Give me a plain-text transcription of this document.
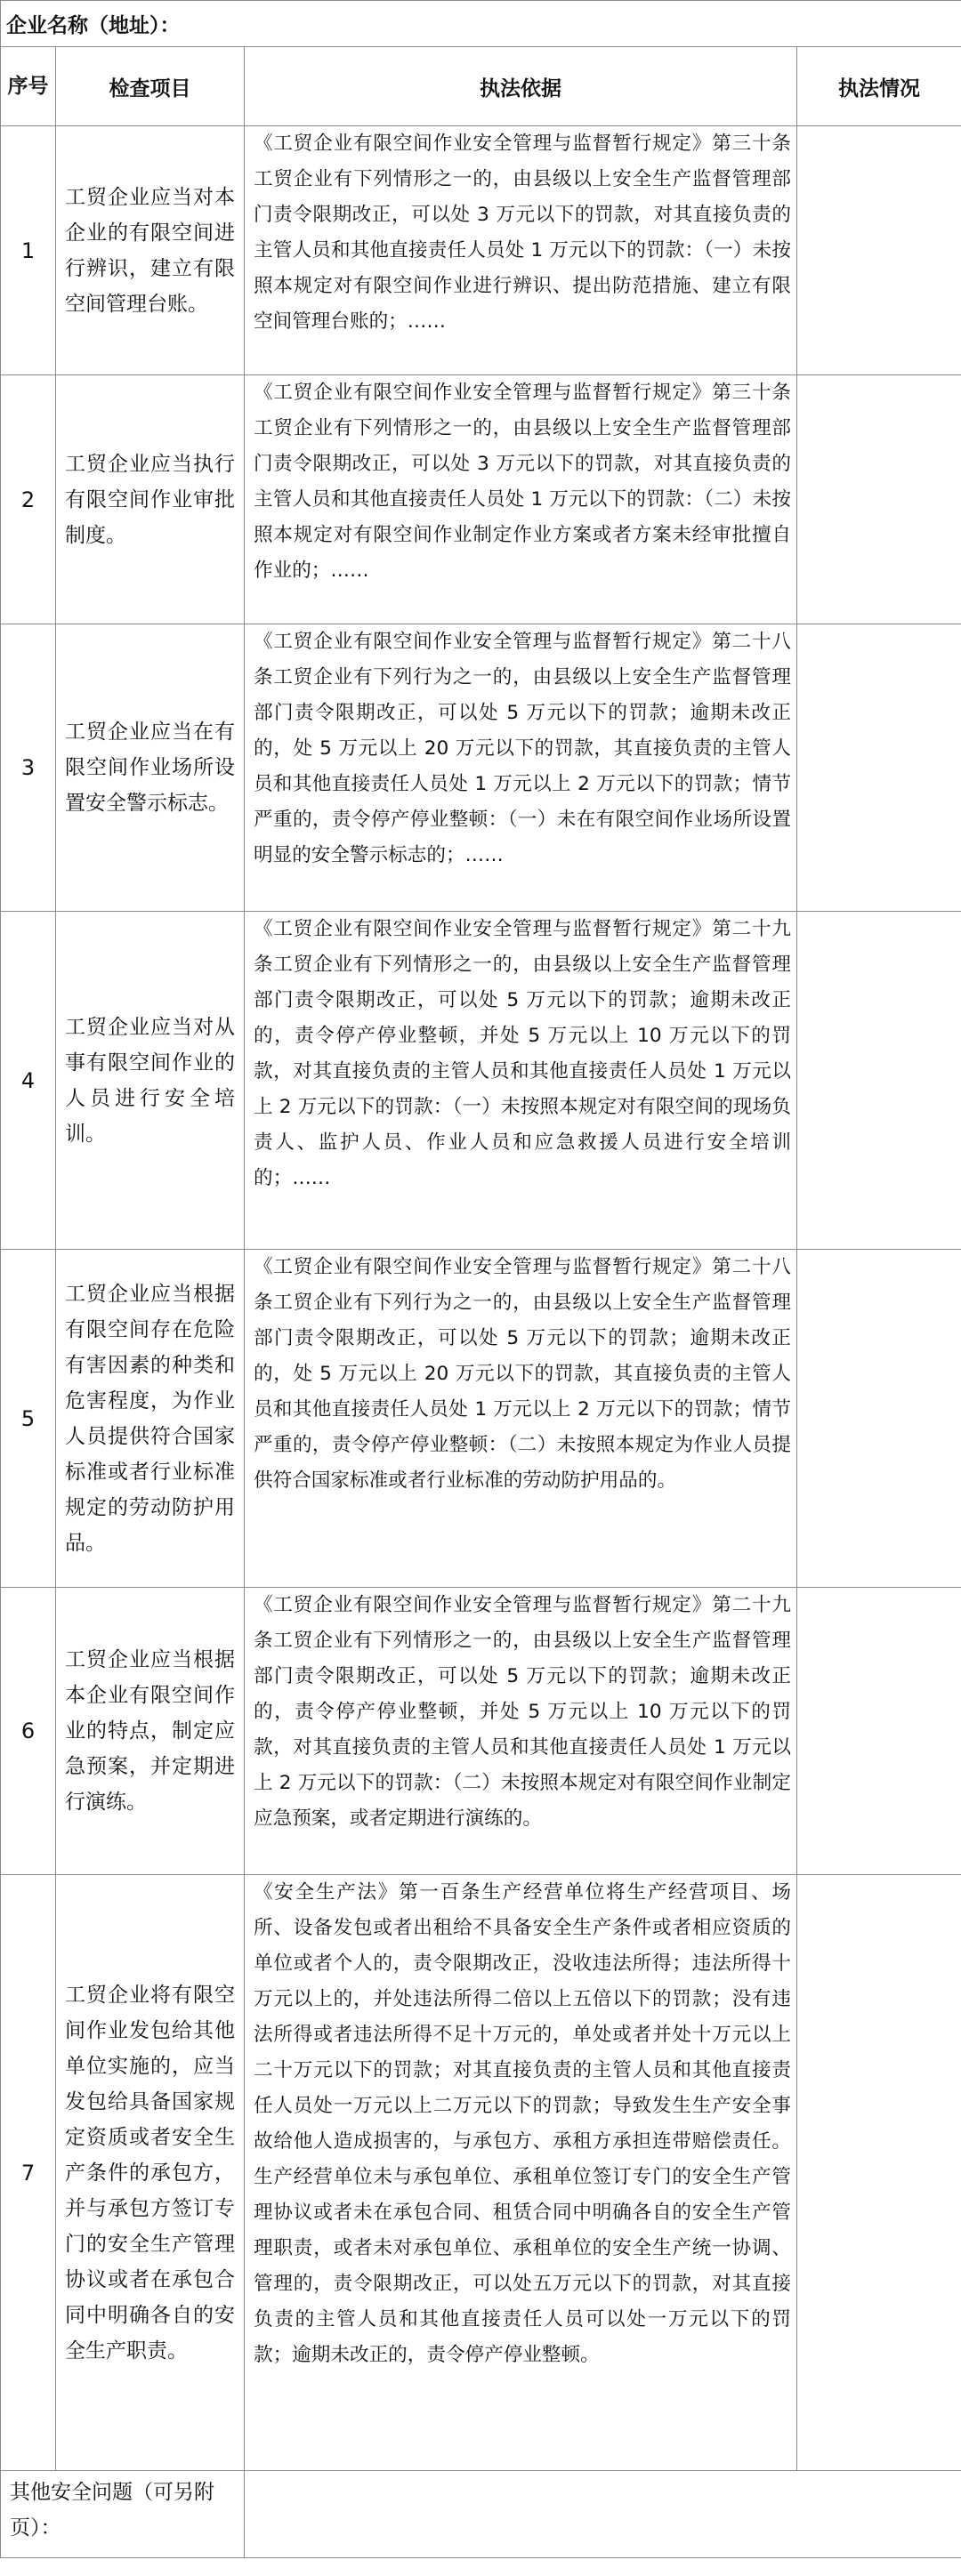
企业名称（地址）：			
序号	检查项目	执法依据	执法情况
1	工贸企业应当对本企业的有限空间进行辨识，建立有限空间管理台账。	《工贸企业有限空间作业安全管理与监督暂行规定》第三十条工贸企业有下列情形之一的，由县级以上安全生产监督管理部门责令限期改正，可以处 3 万元以下的罚款，对其直接负责的主管人员和其他直接责任人员处 1 万元以下的罚款：（一）未按照本规定对有限空间作业进行辨识、提出防范措施、建立有限空间管理台账的；……	
2	工贸企业应当执行有限空间作业审批制度。	《工贸企业有限空间作业安全管理与监督暂行规定》第三十条工贸企业有下列情形之一的，由县级以上安全生产监督管理部门责令限期改正，可以处 3 万元以下的罚款，对其直接负责的主管人员和其他直接责任人员处 1 万元以下的罚款：（二）未按照本规定对有限空间作业制定作业方案或者方案未经审批擅自作业的；……	
3	工贸企业应当在有限空间作业场所设置安全警示标志。	《工贸企业有限空间作业安全管理与监督暂行规定》第二十八条工贸企业有下列行为之一的，由县级以上安全生产监督管理部门责令限期改正，可以处 5 万元以下的罚款；逾期未改正的，处 5 万元以上 20 万元以下的罚款，其直接负责的主管人员和其他直接责任人员处 1 万元以上 2 万元以下的罚款；情节严重的，责令停产停业整顿：（一）未在有限空间作业场所设置明显的安全警示标志的；……	
4	工贸企业应当对从事有限空间作业的人员进行安全培训。	《工贸企业有限空间作业安全管理与监督暂行规定》第二十九条工贸企业有下列情形之一的，由县级以上安全生产监督管理部门责令限期改正，可以处 5 万元以下的罚款；逾期未改正的，责令停产停业整顿，并处 5 万元以上 10 万元以下的罚款，对其直接负责的主管人员和其他直接责任人员处 1 万元以上 2 万元以下的罚款：（一）未按照本规定对有限空间的现场负责人、监护人员、作业人员和应急救援人员进行安全培训的；……	
5	工贸企业应当根据有限空间存在危险有害因素的种类和危害程度，为作业人员提供符合国家标准或者行业标准规定的劳动防护用品。	《工贸企业有限空间作业安全管理与监督暂行规定》第二十八条工贸企业有下列行为之一的，由县级以上安全生产监督管理部门责令限期改正，可以处 5 万元以下的罚款；逾期未改正的，处 5 万元以上 20 万元以下的罚款，其直接负责的主管人员和其他直接责任人员处 1 万元以上 2 万元以下的罚款；情节严重的，责令停产停业整顿：（二）未按照本规定为作业人员提供符合国家标准或者行业标准的劳动防护用品的。	
6	工贸企业应当根据本企业有限空间作业的特点，制定应急预案，并定期进行演练。	《工贸企业有限空间作业安全管理与监督暂行规定》第二十九条工贸企业有下列情形之一的，由县级以上安全生产监督管理部门责令限期改正，可以处 5 万元以下的罚款；逾期未改正的，责令停产停业整顿，并处 5 万元以上 10 万元以下的罚款，对其直接负责的主管人员和其他直接责任人员处 1 万元以上 2 万元以下的罚款：（二）未按照本规定对有限空间作业制定应急预案，或者定期进行演练的。	
7	工贸企业将有限空间作业发包给其他单位实施的，应当发包给具备国家规定资质或者安全生产条件的承包方，并与承包方签订专门的安全生产管理协议或者在承包合同中明确各自的安全生产职责。	《安全生产法》第一百条生产经营单位将生产经营项目、场所、设备发包或者出租给不具备安全生产条件或者相应资质的单位或者个人的，责令限期改正，没收违法所得；违法所得十万元以上的，并处违法所得二倍以上五倍以下的罚款；没有违法所得或者违法所得不足十万元的，单处或者并处十万元以上二十万元以下的罚款；对其直接负责的主管人员和其他直接责任人员处一万元以上二万元以下的罚款；导致发生生产安全事故给他人造成损害的，与承包方、承租方承担连带赔偿责任。生产经营单位未与承包单位、承租单位签订专门的安全生产管理协议或者未在承包合同、租赁合同中明确各自的安全生产管理职责，或者未对承包单位、承租单位的安全生产统一协调、管理的，责令限期改正，可以处五万元以下的罚款，对其直接负责的主管人员和其他直接责任人员可以处一万元以下的罚款；逾期未改正的，责令停产停业整顿。	
其他安全问题（可另附页）：			
